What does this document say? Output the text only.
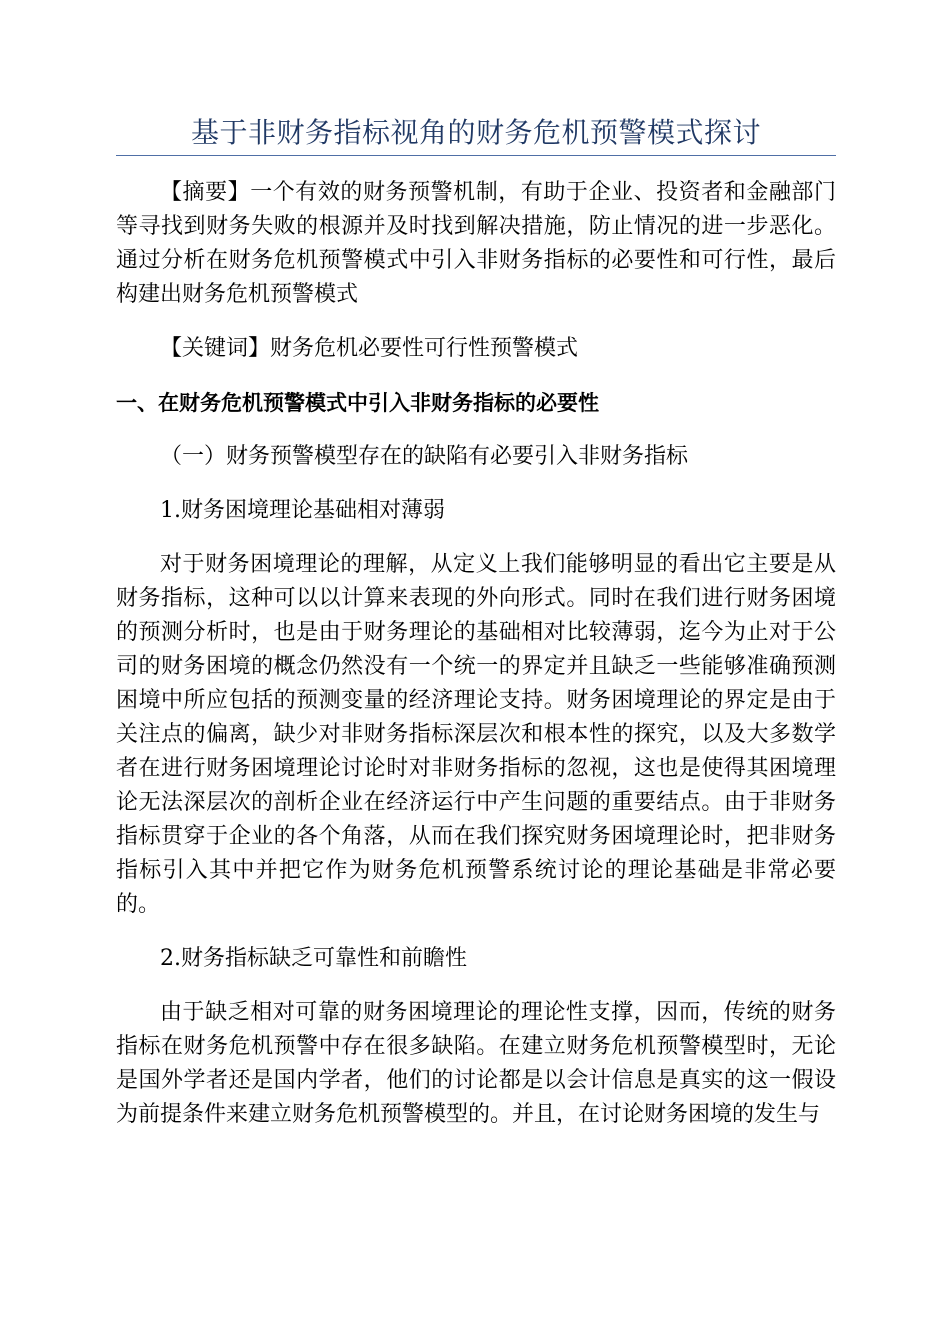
基于非财务指标视角的财务危机预警模式探讨

【摘要】一个有效的财务预警机制，有助于企业、投资者和金融部门等寻找到财务失败的根源并及时找到解决措施，防止情况的进一步恶化。通过分析在财务危机预警模式中引入非财务指标的必要性和可行性，最后构建出财务危机预警模式

【关键词】财务危机必要性可行性预警模式

一、在财务危机预警模式中引入非财务指标的必要性

（一）财务预警模型存在的缺陷有必要引入非财务指标

1.财务困境理论基础相对薄弱

对于财务困境理论的理解，从定义上我们能够明显的看出它主要是从财务指标，这种可以以计算来表现的外向形式。同时在我们进行财务困境的预测分析时，也是由于财务理论的基础相对比较薄弱，迄今为止对于公司的财务困境的概念仍然没有一个统一的界定并且缺乏一些能够准确预测困境中所应包括的预测变量的经济理论支持。财务困境理论的界定是由于关注点的偏离，缺少对非财务指标深层次和根本性的探究，以及大多数学者在进行财务困境理论讨论时对非财务指标的忽视，这也是使得其困境理论无法深层次的剖析企业在经济运行中产生问题的重要结点。由于非财务指标贯穿于企业的各个角落，从而在我们探究财务困境理论时，把非财务指标引入其中并把它作为财务危机预警系统讨论的理论基础是非常必要的。

2.财务指标缺乏可靠性和前瞻性

由于缺乏相对可靠的财务困境理论的理论性支撑，因而，传统的财务指标在财务危机预警中存在很多缺陷。在建立财务危机预警模型时，无论是国外学者还是国内学者，他们的讨论都是以会计信息是真实的这一假设为前提条件来建立财务危机预警模型的。并且，在讨论财务困境的发生与
